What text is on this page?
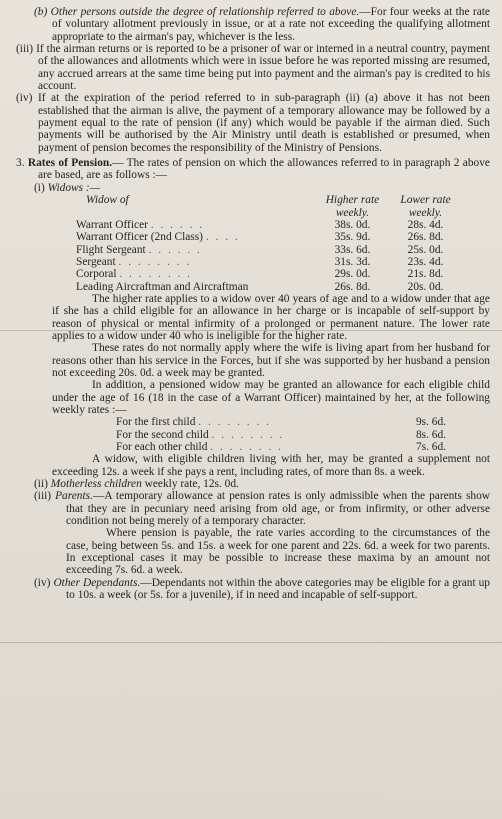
(b) Other persons outside the degree of relationship referred to above.—For four weeks at the rate of voluntary allotment previously in issue, or at a rate not exceeding the qualifying allotment appropriate to the airman's pay, whichever is the less.

(iii) If the airman returns or is reported to be a prisoner of war or interned in a neutral country, payment of the allowances and allotments which were in issue before he was reported missing are resumed, any accrued arrears at the same time being put into payment and the airman's pay is credited to his account.

(iv) If at the expiration of the period referred to in sub-paragraph (ii) (a) above it has not been established that the airman is alive, the payment of a temporary allowance may be followed by a payment equal to the rate of pension (if any) which would be payable if the airman died. Such payments will be authorised by the Air Ministry until death is established or presumed, when payment of pension becomes the responsibility of the Ministry of Pensions.

3. Rates of Pension.— The rates of pension on which the allowances referred to in paragraph 2 above are based, are as follows :—

(i) Widows :—

Widow of	Higher rate	Lower rate
	weekly.	weekly.
Warrant Officer . . . . . .	38s. 0d.	28s. 4d.
Warrant Officer (2nd Class) . . . .	35s. 9d.	26s. 8d.
Flight Sergeant . . . . . .	33s. 6d.	25s. 0d.
Sergeant . . . . . . . .	31s. 3d.	23s. 4d.
Corporal . . . . . . . .	29s. 0d.	21s. 8d.
Leading Aircraftman and Aircraftman	26s. 8d.	20s. 0d.

The higher rate applies to a widow over 40 years of age and to a widow under that age if she has a child eligible for an allowance in her charge or is incapable of self-support by reason of physical or mental infirmity of a prolonged or permanent nature. The lower rate applies to a widow under 40 who is ineligible for the higher rate.

These rates do not normally apply where the wife is living apart from her husband for reasons other than his service in the Forces, but if she was supported by her husband a pension not exceeding 20s. 0d. a week may be granted.

In addition, a pensioned widow may be granted an allowance for each eligible child under the age of 16 (18 in the case of a Warrant Officer) maintained by her, at the following weekly rates :—

For the first child . . . . . . . .	9s. 6d.
For the second child . . . . . . . .	8s. 6d.
For each other child . . . . . . . .	7s. 6d.

A widow, with eligible children living with her, may be granted a supplement not exceeding 12s. a week if she pays a rent, including rates, of more than 8s. a week.

(ii) Motherless children weekly rate, 12s. 0d.

(iii) Parents.—A temporary allowance at pension rates is only admissible when the parents show that they are in pecuniary need arising from old age, or from infirmity, or other adverse condition not being merely of a temporary character.

Where pension is payable, the rate varies according to the circumstances of the case, being between 5s. and 15s. a week for one parent and 22s. 6d. a week for two parents. In exceptional cases it may be possible to increase these maxima by an amount not exceeding 7s. 6d. a week.

(iv) Other Dependants.—Dependants not within the above categories may be eligible for a grant up to 10s. a week (or 5s. for a juvenile), if in need and incapable of self-support.
